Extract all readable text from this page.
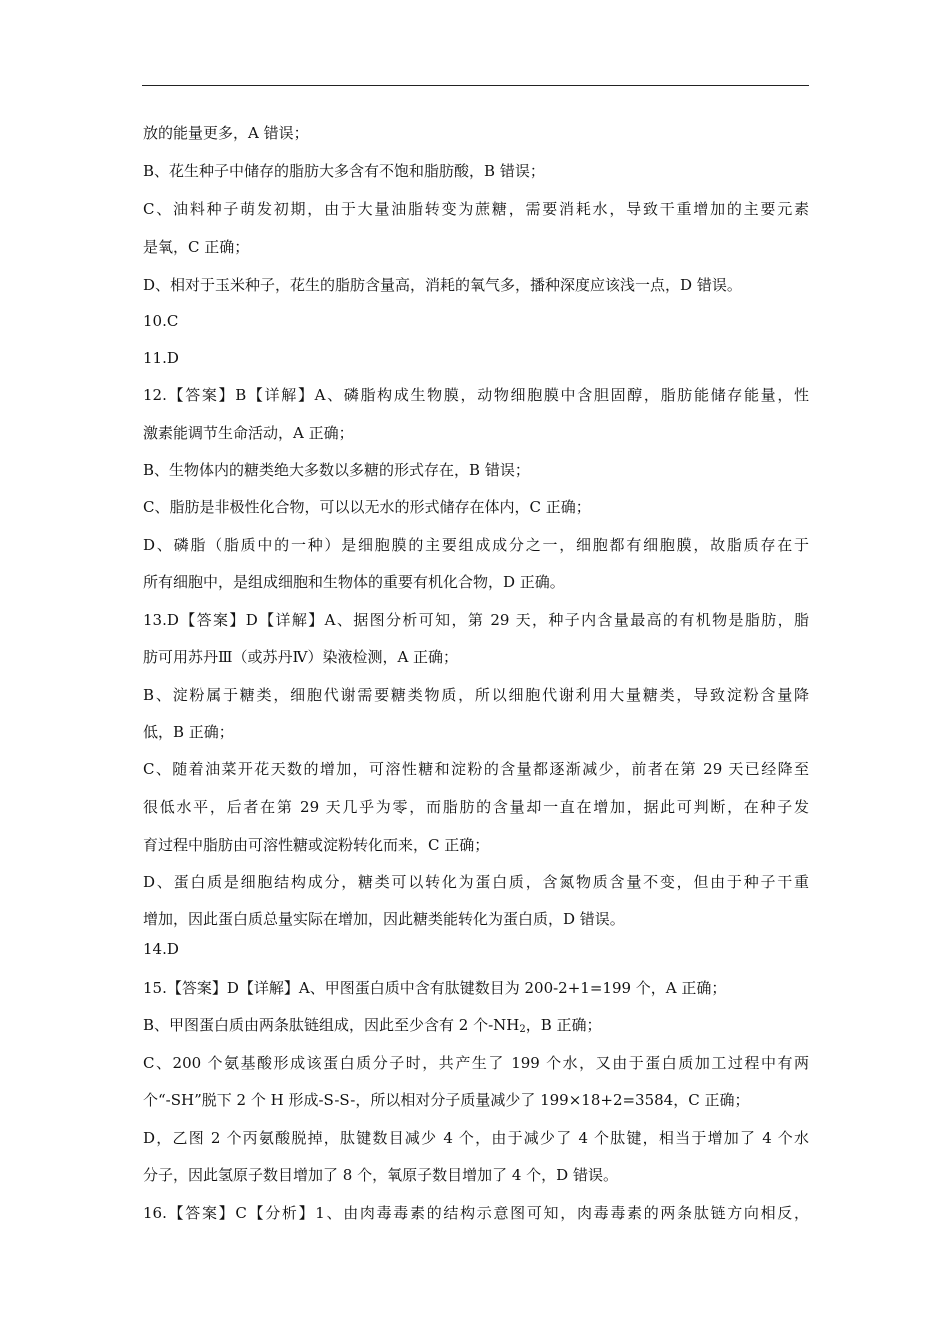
放的能量更多，A 错误；
B、花生种子中储存的脂肪大多含有不饱和脂肪酸，B 错误；
C、油料种子萌发初期，由于大量油脂转变为蔗糖，需要消耗水，导致干重增加的主要元素
是氧，C 正确；
D、相对于玉米种子，花生的脂肪含量高，消耗的氧气多，播种深度应该浅一点，D 错误。
10.C
11.D
12.【答案】B【详解】A、磷脂构成生物膜，动物细胞膜中含胆固醇，脂肪能储存能量，性
激素能调节生命活动，A 正确；
B、生物体内的糖类绝大多数以多糖的形式存在，B 错误；
C、脂肪是非极性化合物，可以以无水的形式储存在体内，C 正确；
D、磷脂（脂质中的一种）是细胞膜的主要组成成分之一，细胞都有细胞膜，故脂质存在于
所有细胞中，是组成细胞和生物体的重要有机化合物，D 正确。
13.D【答案】D【详解】A、据图分析可知，第 29 天，种子内含量最高的有机物是脂肪，脂
肪可用苏丹Ⅲ（或苏丹Ⅳ）染液检测，A 正确；
B、淀粉属于糖类，细胞代谢需要糖类物质，所以细胞代谢利用大量糖类，导致淀粉含量降
低，B 正确；
C、随着油菜开花天数的增加，可溶性糖和淀粉的含量都逐渐减少，前者在第 29 天已经降至
很低水平，后者在第 29 天几乎为零，而脂肪的含量却一直在增加，据此可判断，在种子发
育过程中脂肪由可溶性糖或淀粉转化而来，C 正确；
D、蛋白质是细胞结构成分，糖类可以转化为蛋白质，含氮物质含量不变，但由于种子干重
增加，因此蛋白质总量实际在增加，因此糖类能转化为蛋白质，D 错误。
14.D
15.【答案】D【详解】A、甲图蛋白质中含有肽键数目为 200-2+1=199 个，A 正确；
B、甲图蛋白质由两条肽链组成，因此至少含有 2 个$-NH_2$，B 正确；
C、200 个氨基酸形成该蛋白质分子时，共产生了 199 个水，又由于蛋白质加工过程中有两
个“-SH”脱下 2 个 H 形成-S-S-，所以相对分子质量减少了 199×18+2=3584，C 正确；
D，乙图 2 个丙氨酸脱掉，肽键数目减少 4 个，由于减少了 4 个肽键，相当于增加了 4 个水
分子，因此氢原子数目增加了 8 个，氧原子数目增加了 4 个，D 错误。
16.【答案】C【分析】1、由肉毒毒素的结构示意图可知，肉毒毒素的两条肽链方向相反，
